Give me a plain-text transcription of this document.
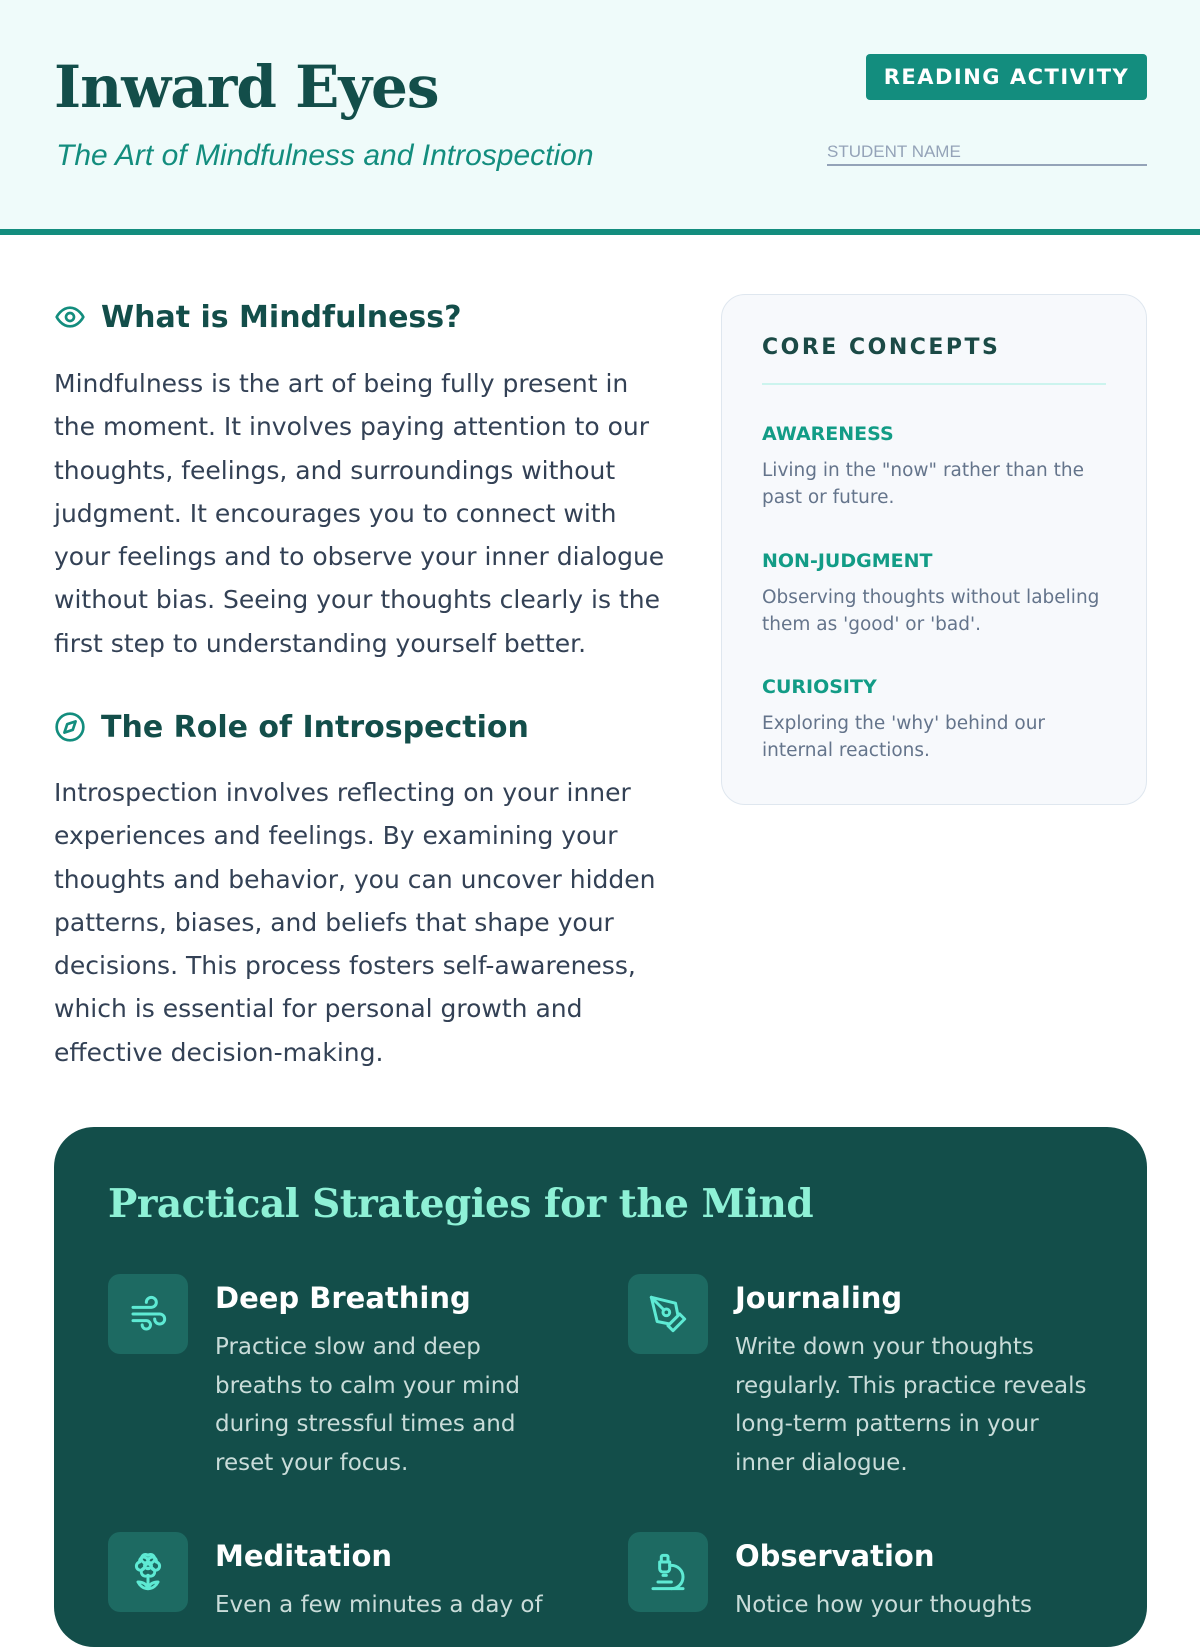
Inward Eyes

The Art of Mindfulness and Introspection

READING ACTIVITY
STUDENT NAME
What is Mindfulness?

Mindfulness is the art of being fully present in the moment. It involves paying attention to our thoughts, feelings, and surroundings without judgment. It encourages you to connect with your feelings and to observe your inner dialogue without bias. Seeing your thoughts clearly is the first step to understanding yourself better.

The Role of Introspection

Introspection involves reflecting on your inner experiences and feelings. By examining your thoughts and behavior, you can uncover hidden patterns, biases, and beliefs that shape your decisions. This process fosters self-awareness, which is essential for personal growth and effective decision-making.

CORE CONCEPTS

AWARENESS

Living in the "now" rather than the past or future.

NON-JUDGMENT

Observing thoughts without labeling them as 'good' or 'bad'.

CURIOSITY

Exploring the 'why' behind our internal reactions.

Practical Strategies for the Mind

Deep Breathing

Practice slow and deep breaths to calm your mind during stressful times and reset your focus.

Journaling

Write down your thoughts regularly. This practice reveals long-term patterns in your inner dialogue.

Meditation

Even a few minutes a day of

Observation

Notice how your thoughts
